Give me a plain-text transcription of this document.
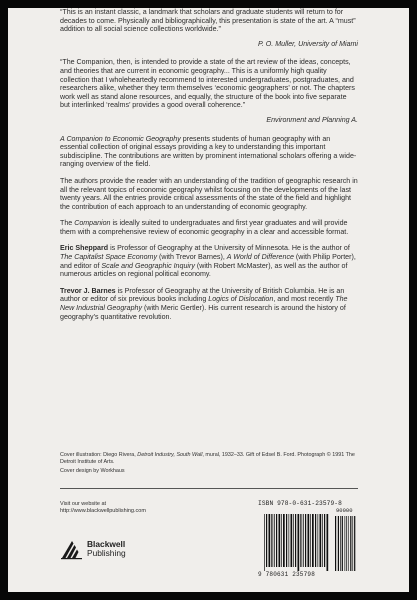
“This is an instant classic, a landmark that scholars and graduate students will return to for decades to come. Physically and bibliographically, this presentation is state of the art. A “must” addition to all social science collections worldwide.”

P. O. Muller, University of Miami

“The Companion, then, is intended to provide a state of the art review of the ideas, concepts, and theories that are current in economic geography... This is a uniformly high quality collection that I wholeheartedly recommend to interested undergraduates, postgraduates, and researchers alike, whether they term themselves ‘economic geographers’ or not. The chapters work well as stand alone resources, and equally, the structure of the book into five separate but interlinked ‘realms’ provides a good overall coherence.”

Environment and Planning A.

A Companion to Economic Geography presents students of human geography with an essential collection of original essays providing a key to understanding this important subdiscipline. The contributions are written by prominent international scholars offering a wide-ranging overview of the field.

The authors provide the reader with an understanding of the tradition of geographic research in all the relevant topics of economic geography whilst focusing on the developments of the last twenty years. All the entries provide critical assessments of the state of the field and highlight the contribution of each approach to an understanding of economic geography.

The Companion is ideally suited to undergraduates and first year graduates and will provide them with a comprehensive review of economic geography in a clear and accessible format.

Eric Sheppard is Professor of Geography at the University of Minnesota. He is the author of The Capitalist Space Economy (with Trevor Barnes), A World of Difference (with Philip Porter), and editor of Scale and Geographic Inquiry (with Robert McMaster), as well as the author of numerous articles on regional political economy.

Trevor J. Barnes is Professor of Geography at the University of British Columbia. He is an author or editor of six previous books including Logics of Dislocation, and most recently The New Industrial Geography (with Meric Gertler). His current research is around the history of geography’s quantitative revolution.

Cover illustration: Diego Rivera, Detroit Industry, South Wall, mural, 1932–33. Gift of Edsel B. Ford. Photograph © 1991 The Detroit Institute of Arts.

Cover design by Workhaus

Visit our website at
http://www.blackwellpublishing.com
Blackwell
Publishing
ISBN 978-0-631-23579-8
90000
9 780631 235798
